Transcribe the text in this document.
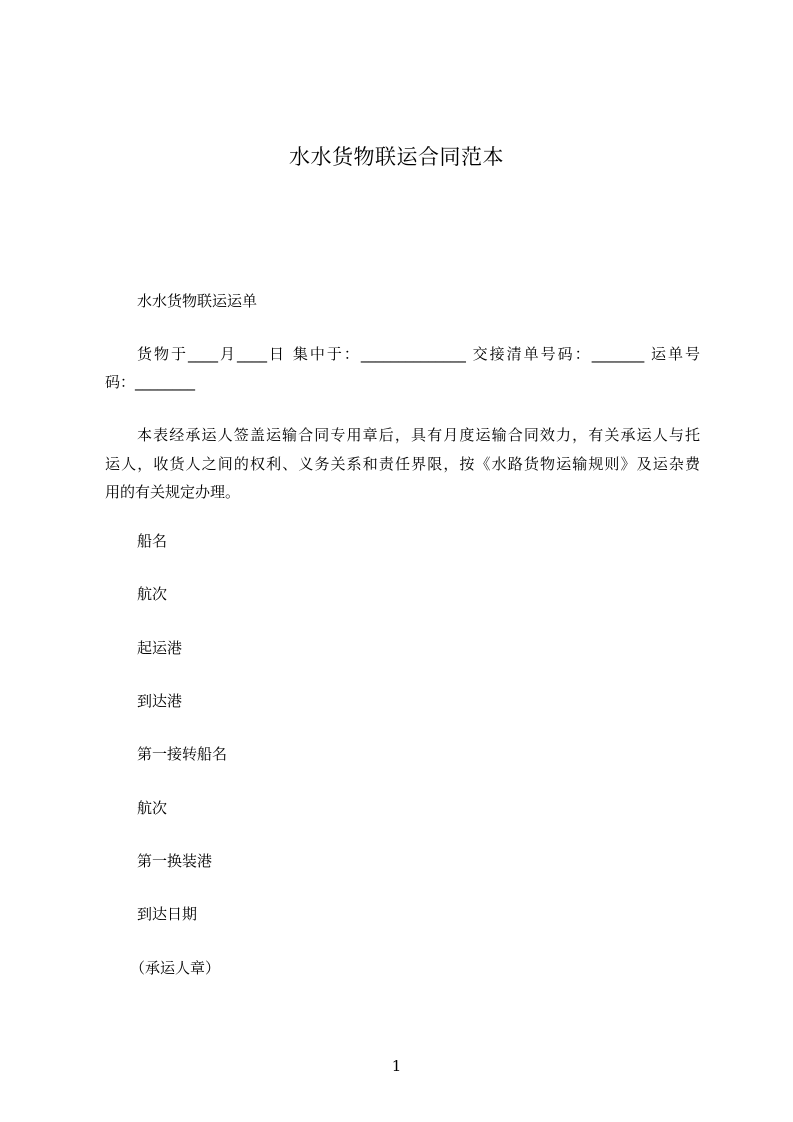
水水货物联运合同范本
水水货物联运运单
货物于____月____日 集中于：______________ 交接清单号码：_______ 运单号
码：________
本表经承运人签盖运输合同专用章后，具有月度运输合同效力，有关承运人与托
运人，收货人之间的权利、义务关系和责任界限，按《水路货物运输规则》及运杂费
用的有关规定办理。
船名
航次
起运港
到达港
第一接转船名
航次
第一换装港
到达日期
（承运人章）
1
